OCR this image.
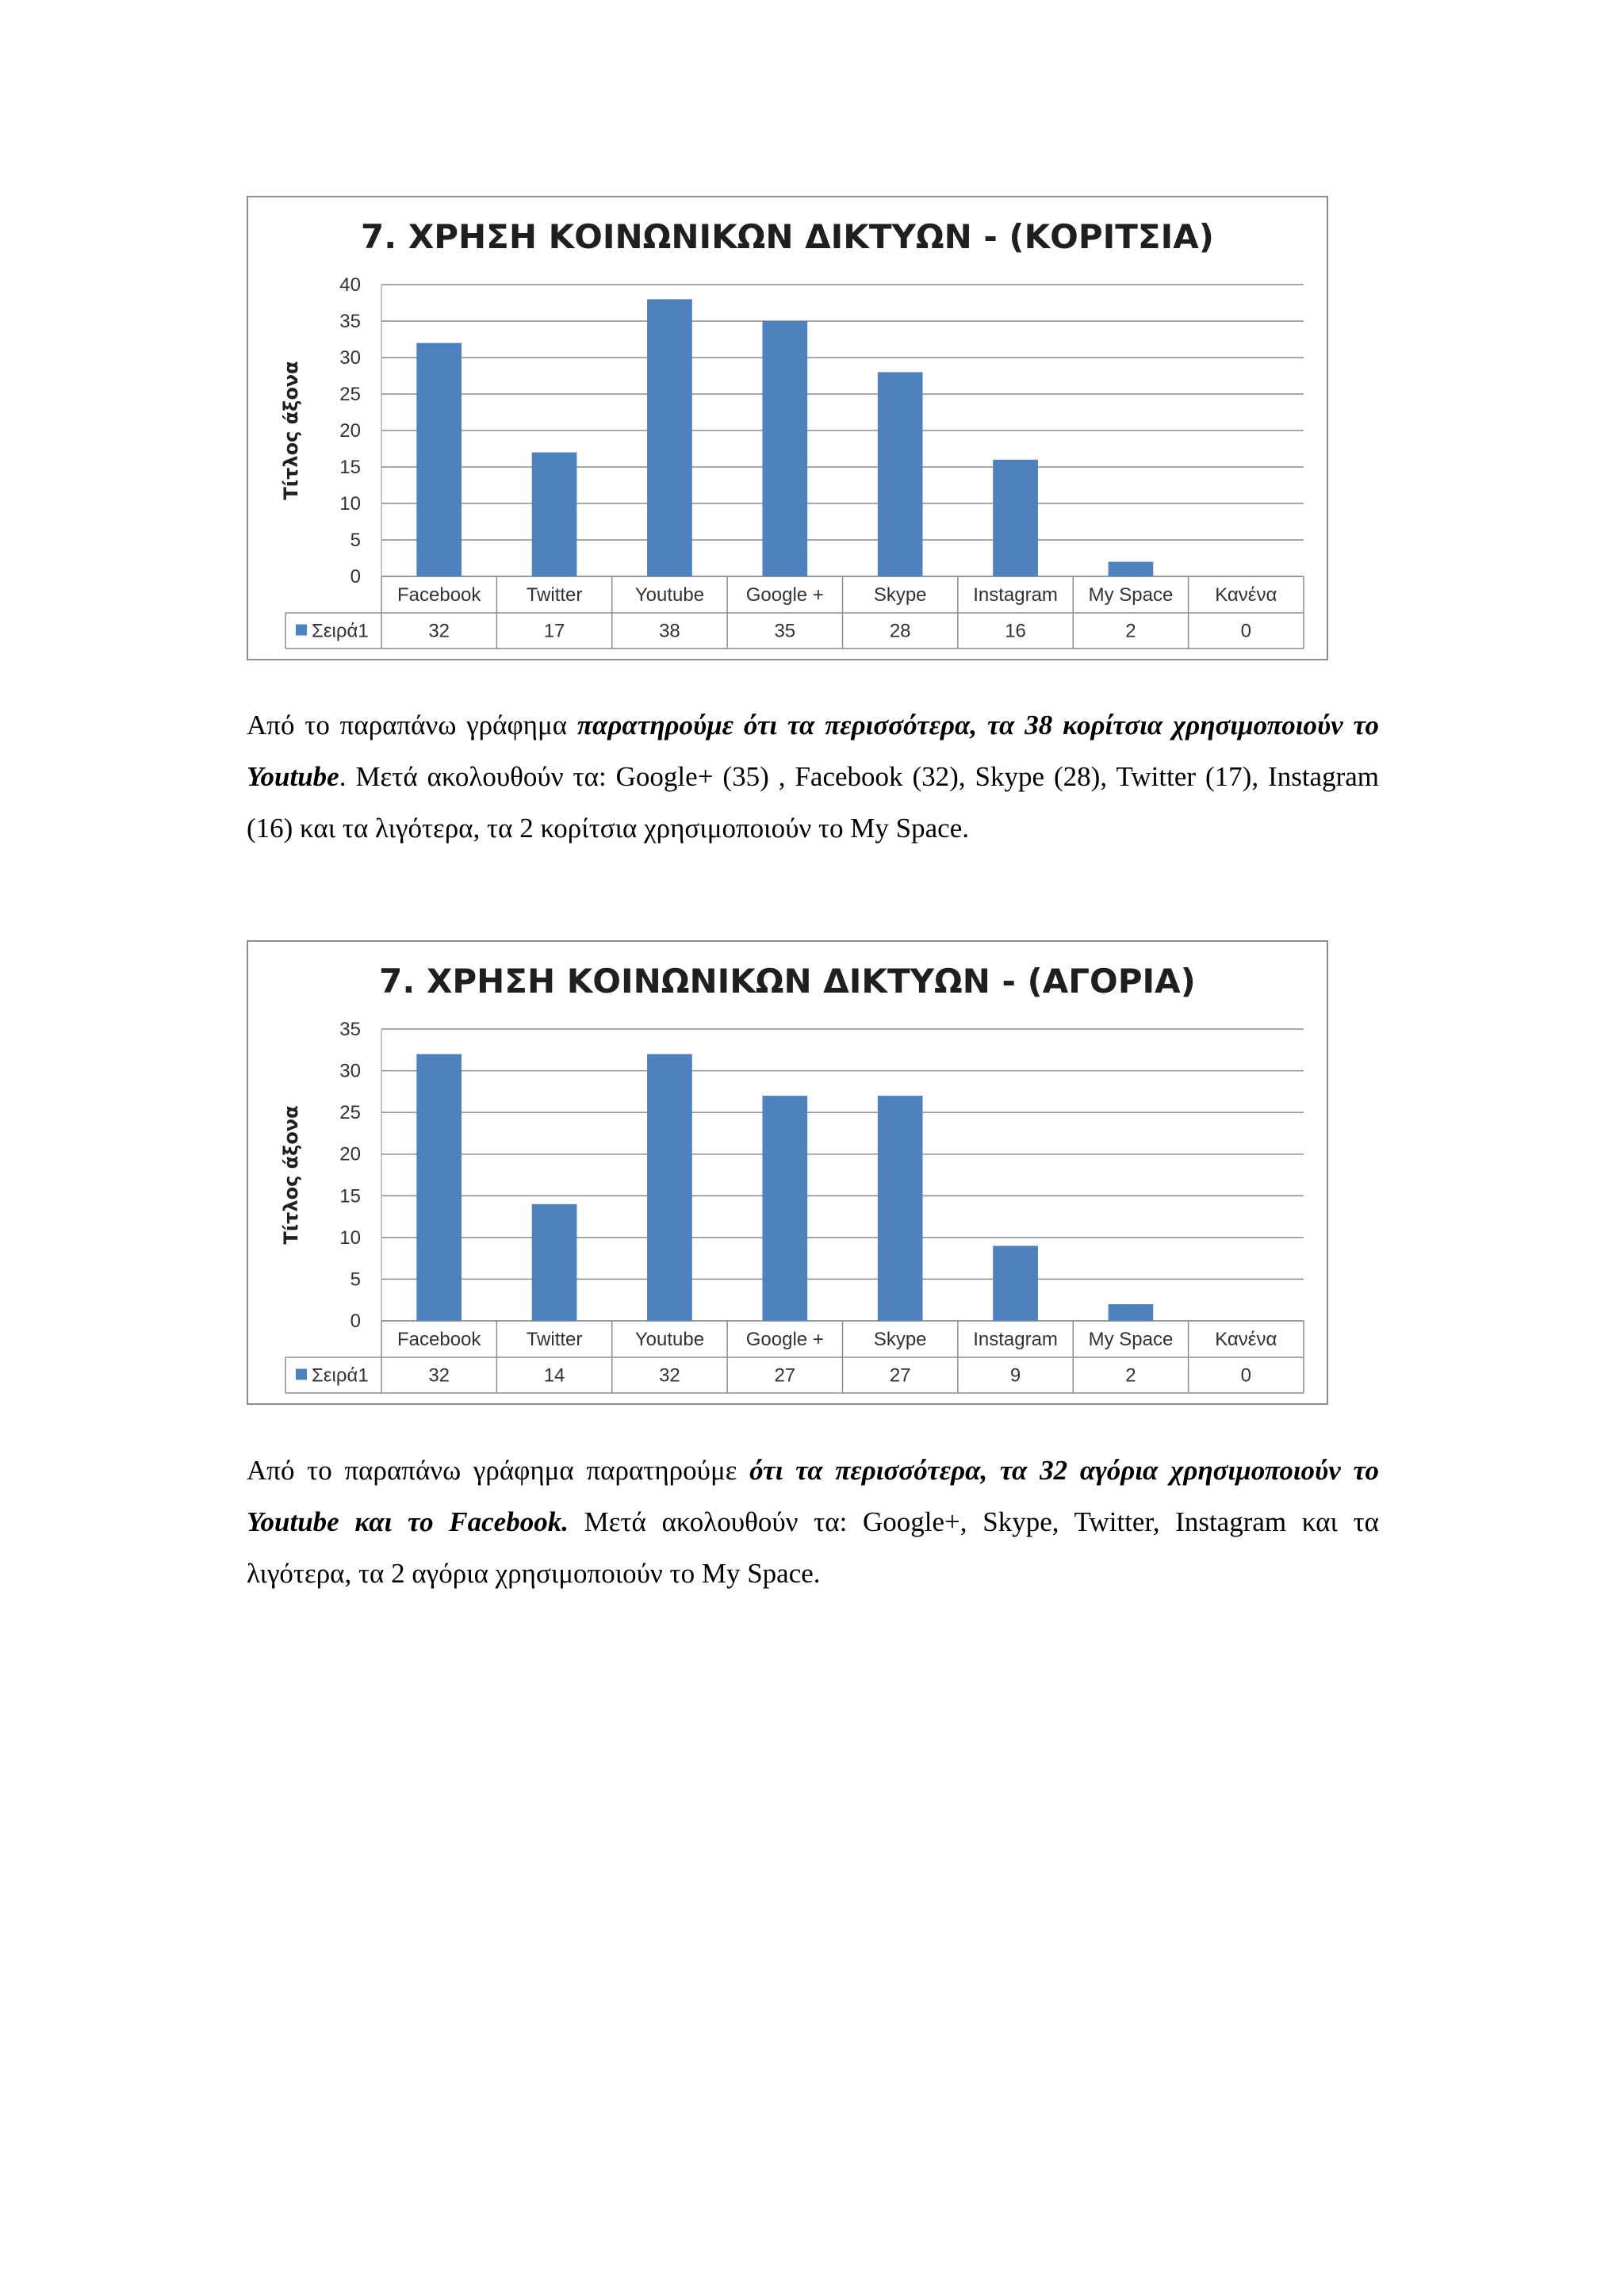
7. ΧΡΗΣΗ ΚΟΙΝΩΝΙΚΩΝ ΔΙΚΤΥΩΝ - (ΚΟΡΙΤΣΙΑ)
0
5
10
15
20
25
30
35
40
Τίτλος άξονα
Σειρά1
Facebook
32
Twitter
17
Youtube
38
Google +
35
Skype
28
Instagram
16
My Space
2
Κανένα
0

Από το παραπάνω γράφημα παρατηρούμε ότι τα περισσότερα, τα 38 κορίτσια χρησιμοποιούν το Youtube. Μετά ακολουθούν τα: Google+ (35) , Facebook (32), Skype (28), Twitter (17), Instagram (16) και τα λιγότερα, τα 2 κορίτσια χρησιμοποιούν το My Space.

7. ΧΡΗΣΗ ΚΟΙΝΩΝΙΚΩΝ ΔΙΚΤΥΩΝ - (ΑΓΟΡΙΑ)
0
5
10
15
20
25
30
35
Τίτλος άξονα
Σειρά1
Facebook
32
Twitter
14
Youtube
32
Google +
27
Skype
27
Instagram
9
My Space
2
Κανένα
0

Από το παραπάνω γράφημα παρατηρούμε ότι τα περισσότερα, τα 32 αγόρια χρησιμοποιούν το Youtube και το Facebook. Μετά ακολουθούν τα: Google+, Skype, Twitter, Instagram και τα λιγότερα, τα 2 αγόρια χρησιμοποιούν το My Space.
